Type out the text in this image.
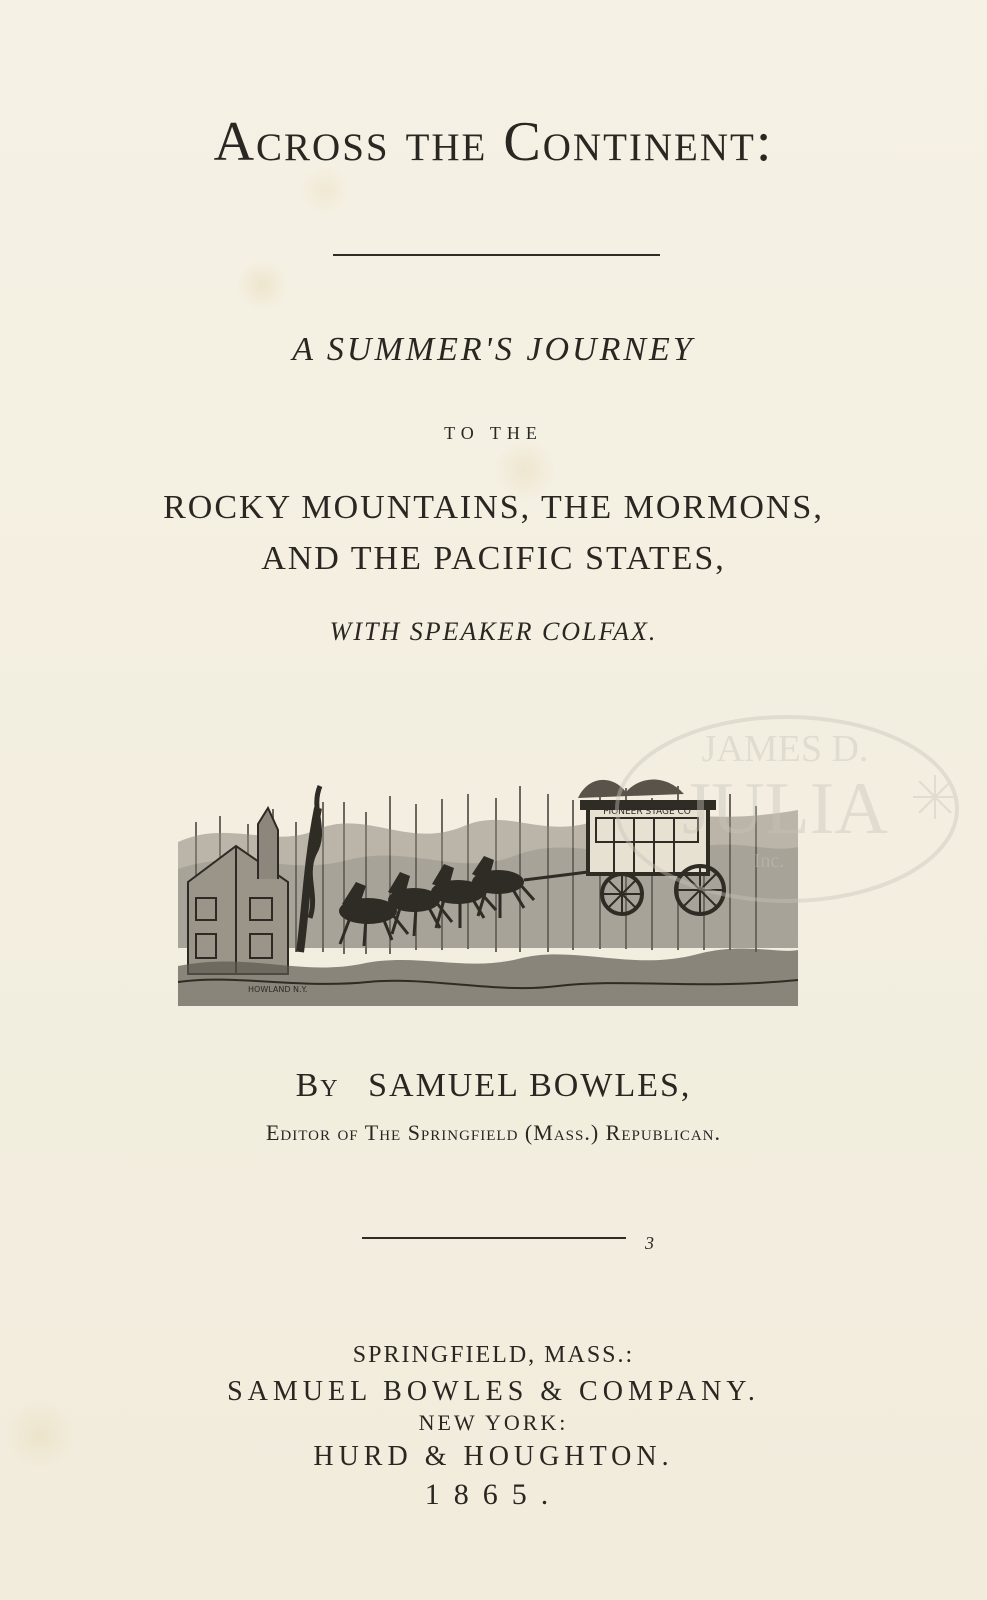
Across the Continent:
A SUMMER'S JOURNEY
TO THE
ROCKY MOUNTAINS, THE MORMONS,
AND THE PACIFIC STATES,
WITH SPEAKER COLFAX.
PIONEER STAGE CO
HOWLAND N.Y.
By SAMUEL BOWLES,
Editor of The Springfield (Mass.) Republican.
3
SPRINGFIELD, MASS.:
SAMUEL BOWLES & COMPANY.
NEW YORK:
HURD & HOUGHTON.
1865.
JAMES D.
JULIA
Inc.
